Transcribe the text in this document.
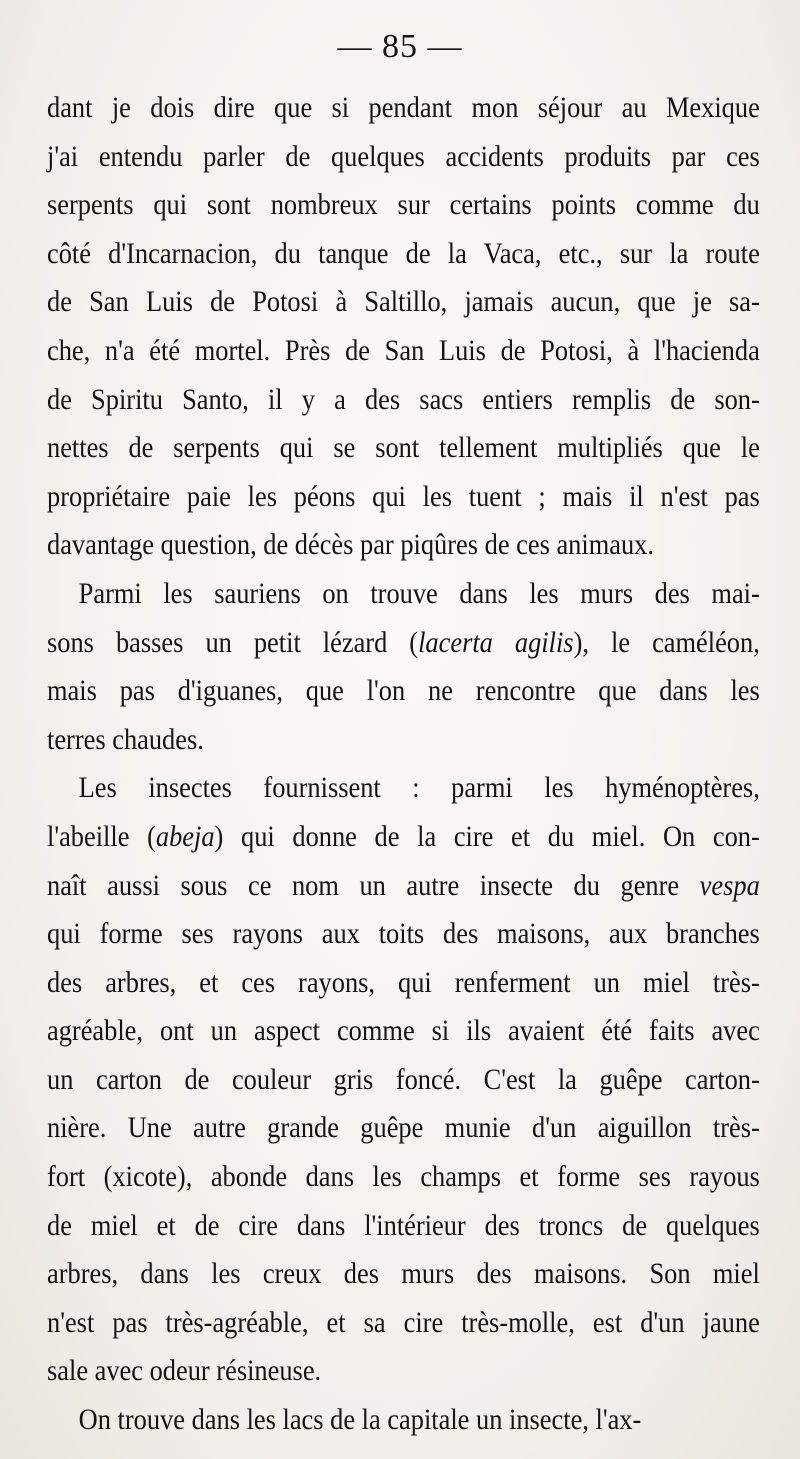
— 85 —
dant je dois dire que si pendant mon séjour au Mexique
j'ai entendu parler de quelques accidents produits par ces
serpents qui sont nombreux sur certains points comme du
côté d'Incarnacion, du tanque de la Vaca, etc., sur la route
de San Luis de Potosi à Saltillo, jamais aucun, que je sa-
che, n'a été mortel. Près de San Luis de Potosi, à l'hacienda
de Spiritu Santo, il y a des sacs entiers remplis de son-
nettes de serpents qui se sont tellement multipliés que le
propriétaire paie les péons qui les tuent ; mais il n'est pas
davantage question, de décès par piqûres de ces animaux.
Parmi les sauriens on trouve dans les murs des mai-
sons basses un petit lézard (lacerta agilis), le caméléon,
mais pas d'iguanes, que l'on ne rencontre que dans les
terres chaudes.
Les insectes fournissent : parmi les hyménoptères,
l'abeille (abeja) qui donne de la cire et du miel. On con-
naît aussi sous ce nom un autre insecte du genre vespa
qui forme ses rayons aux toits des maisons, aux branches
des arbres, et ces rayons, qui renferment un miel très-
agréable, ont un aspect comme si ils avaient été faits avec
un carton de couleur gris foncé. C'est la guêpe carton-
nière. Une autre grande guêpe munie d'un aiguillon très-
fort (xicote), abonde dans les champs et forme ses rayous
de miel et de cire dans l'intérieur des troncs de quelques
arbres, dans les creux des murs des maisons. Son miel
n'est pas très-agréable, et sa cire très-molle, est d'un jaune
sale avec odeur résineuse.
On trouve dans les lacs de la capitale un insecte, l'ax-
